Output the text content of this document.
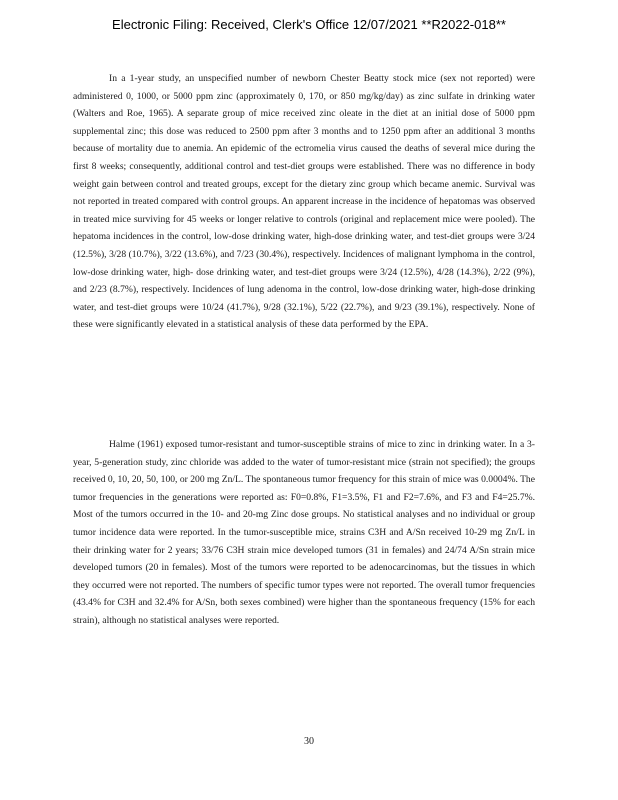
Electronic Filing: Received, Clerk's Office 12/07/2021 **R2022-018**

In a 1-year study, an unspecified number of newborn Chester Beatty stock mice (sex not reported) were administered 0, 1000, or 5000 ppm zinc (approximately 0, 170, or 850 mg/kg/day) as zinc sulfate in drinking water (Walters and Roe, 1965). A separate group of mice received zinc oleate in the diet at an initial dose of 5000 ppm supplemental zinc; this dose was reduced to 2500 ppm after 3 months and to 1250 ppm after an additional 3 months because of mortality due to anemia. An epidemic of the ectromelia virus caused the deaths of several mice during the first 8 weeks; consequently, additional control and test-diet groups were established. There was no difference in body weight gain between control and treated groups, except for the dietary zinc group which became anemic. Survival was not reported in treated compared with control groups. An apparent increase in the incidence of hepatomas was observed in treated mice surviving for 45 weeks or longer relative to controls (original and replacement mice were pooled). The hepatoma incidences in the control, low-dose drinking water, high-dose drinking water, and test-diet groups were 3/24 (12.5%), 3/28 (10.7%), 3/22 (13.6%), and 7/23 (30.4%), respectively. Incidences of malignant lymphoma in the control, low-dose drinking water, high- dose drinking water, and test-diet groups were 3/24 (12.5%), 4/28 (14.3%), 2/22 (9%), and 2/23 (8.7%), respectively. Incidences of lung adenoma in the control, low-dose drinking water, high-dose drinking water, and test-diet groups were 10/24 (41.7%), 9/28 (32.1%), 5/22 (22.7%), and 9/23 (39.1%), respectively. None of these were significantly elevated in a statistical analysis of these data performed by the EPA.

Halme (1961) exposed tumor-resistant and tumor-susceptible strains of mice to zinc in drinking water. In a 3-year, 5-generation study, zinc chloride was added to the water of tumor-resistant mice (strain not specified); the groups received 0, 10, 20, 50, 100, or 200 mg Zn/L. The spontaneous tumor frequency for this strain of mice was 0.0004%. The tumor frequencies in the generations were reported as: F0=0.8%, F1=3.5%, F1 and F2=7.6%, and F3 and F4=25.7%. Most of the tumors occurred in the 10- and 20-mg Zinc dose groups. No statistical analyses and no individual or group tumor incidence data were reported. In the tumor-susceptible mice, strains C3H and A/Sn received 10-29 mg Zn/L in their drinking water for 2 years; 33/76 C3H strain mice developed tumors (31 in females) and 24/74 A/Sn strain mice developed tumors (20 in females). Most of the tumors were reported to be adenocarcinomas, but the tissues in which they occurred were not reported. The numbers of specific tumor types were not reported. The overall tumor frequencies (43.4% for C3H and 32.4% for A/Sn, both sexes combined) were higher than the spontaneous frequency (15% for each strain), although no statistical analyses were reported.

30
